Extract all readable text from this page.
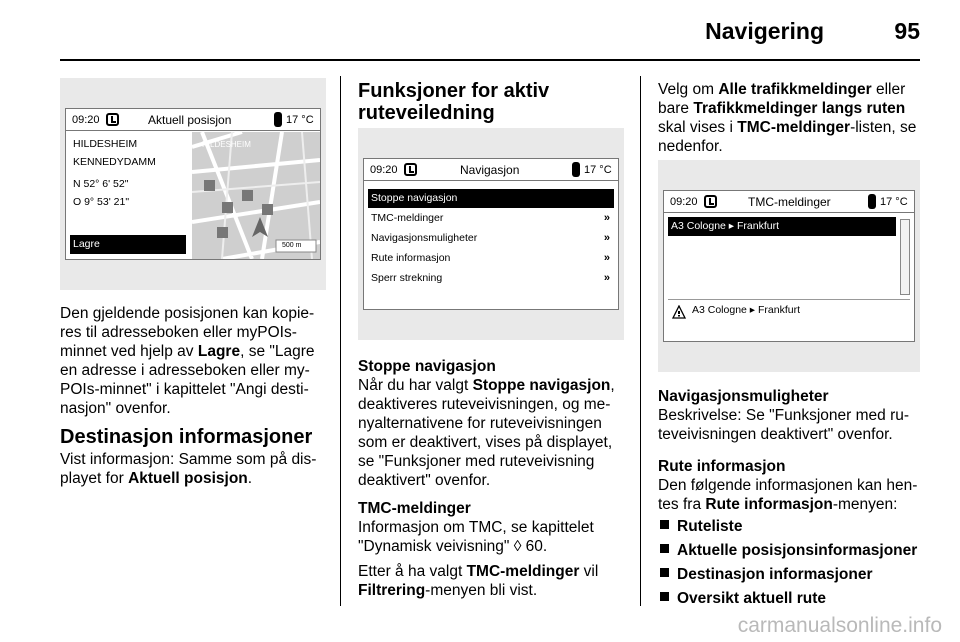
Navigering	95
09:20	Aktuell posisjon	17 °C
HILDESHEIM
KENNEDYDAMM
N 52° 6' 52"
O 9° 53' 21"
Lagre
HILDESHEIM
500 m
Den gjeldende posisjonen kan kopie-
res til adresseboken eller myPOIs-
minnet ved hjelp av Lagre, se "Lagre
en adresse i adresseboken eller my-
POIs-minnet" i kapittelet "Angi desti-
nasjon" ovenfor.
Destinasjon informasjoner
Vist informasjon: Samme som på dis-
playet for Aktuell posisjon.
Funksjoner for aktiv
ruteveiledning
09:20	Navigasjon	17 °C
Stoppe navigasjon
TMC-meldinger	»
Navigasjonsmuligheter	»
Rute informasjon	»
Sperr strekning	»
Stoppe navigasjon
Når du har valgt Stoppe navigasjon,
deaktiveres ruteveivisningen, og me-
nyalternativene for ruteveivisningen
som er deaktivert, vises på displayet,
se "Funksjoner med ruteveivisning
deaktivert" ovenfor.
TMC-meldinger
Informasjon om TMC, se kapittelet
"Dynamisk veivisning" ◊ 60.
Etter å ha valgt TMC-meldinger vil
Filtrering-menyen bli vist.
Velg om Alle trafikkmeldinger eller
bare Trafikkmeldinger langs ruten
skal vises i TMC-meldinger-listen, se
nedenfor.
09:20	TMC-meldinger	17 °C
A3 Cologne ▸ Frankfurt
A3 Cologne ▸ Frankfurt
Navigasjonsmuligheter
Beskrivelse: Se "Funksjoner med ru-
teveivisningen deaktivert" ovenfor.
Rute informasjon
Den følgende informasjonen kan hen-
tes fra Rute informasjon-menyen:
Ruteliste
Aktuelle posisjonsinformasjoner
Destinasjon informasjoner
Oversikt aktuell rute
carmanualsonline.info
